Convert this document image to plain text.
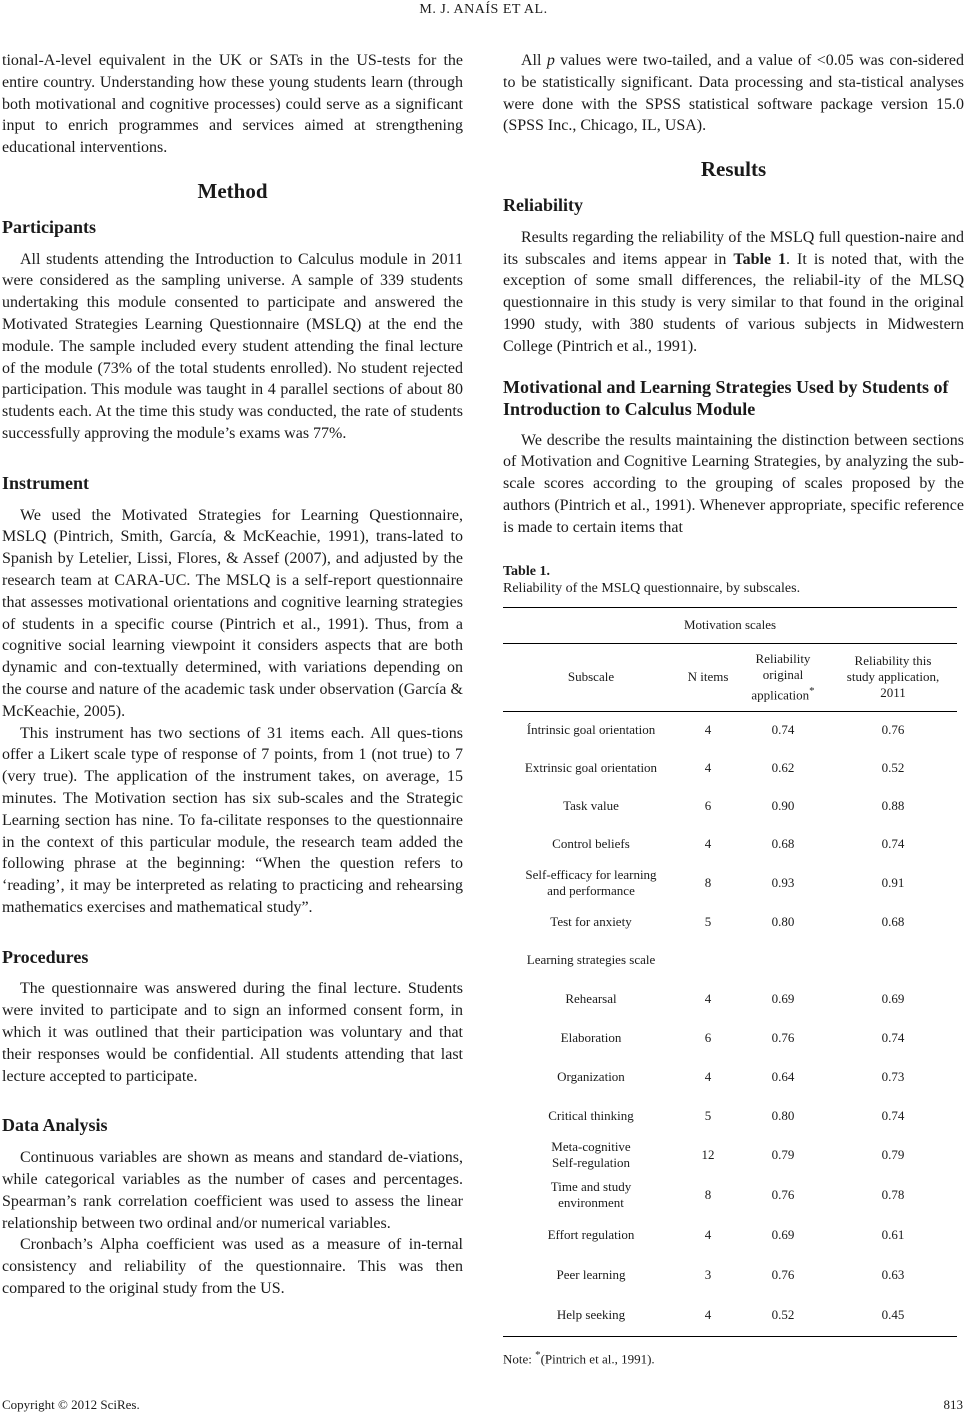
M. J. ANAÍS ET AL.

tional-A-level equivalent in the UK or SATs in the US-tests for the entire country. Understanding how these young students learn (through both motivational and cognitive processes) could serve as a significant input to enrich programmes and services aimed at strengthening educational interventions.

Method
Participants

All students attending the Introduction to Calculus module in 2011 were considered as the sampling universe. A sample of 339 students undertaking this module consented to participate and answered the Motivated Strategies Learning Questionnaire (MSLQ) at the end the module. The sample included every student attending the final lecture of the module (73% of the total students enrolled). No student rejected participation. This module was taught in 4 parallel sections of about 80 students each. At the time this study was conducted, the rate of students successfully approving the module’s exams was 77%.

Instrument

We used the Motivated Strategies for Learning Questionnaire, MSLQ (Pintrich, Smith, García, & McKeachie, 1991), trans-lated to Spanish by Letelier, Lissi, Flores, & Assef (2007), and adjusted by the research team at CARA-UC. The MSLQ is a self-report questionnaire that assesses motivational orientations and cognitive learning strategies of students in a specific course (Pintrich et al., 1991). Thus, from a cognitive social learning viewpoint it considers aspects that are both dynamic and con-textually determined, with variations depending on the course and nature of the academic task under observation (García & McKeachie, 2005).

This instrument has two sections of 31 items each. All ques-tions offer a Likert scale type of response of 7 points, from 1 (not true) to 7 (very true). The application of the instrument takes, on average, 15 minutes. The Motivation section has six sub-scales and the Strategic Learning section has nine. To fa-cilitate responses to the questionnaire in the context of this particular module, the research team added the following phrase at the beginning: “When the question refers to ‘reading’, it may be interpreted as relating to practicing and rehearsing mathematics exercises and mathematical study”.

Procedures

The questionnaire was answered during the final lecture. Students were invited to participate and to sign an informed consent form, in which it was outlined that their participation was voluntary and that their responses would be confidential. All students attending that last lecture accepted to participate.

Data Analysis

Continuous variables are shown as means and standard de-viations, while categorical variables as the number of cases and percentages. Spearman’s rank correlation coefficient was used to assess the linear relationship between two ordinal and/or numerical variables.

Cronbach’s Alpha coefficient was used as a measure of in-ternal consistency and reliability of the questionnaire. This was then compared to the original study from the US.

All p values were two-tailed, and a value of <0.05 was con-sidered to be statistically significant. Data processing and sta-tistical analyses were done with the SPSS statistical software package version 15.0 (SPSS Inc., Chicago, IL, USA).

Results
Reliability

Results regarding the reliability of the MSLQ full question-naire and its subscales and items appear in Table 1. It is noted that, with the exception of some small differences, the reliabil-ity of the MLSQ questionnaire in this study is very similar to that found in the original 1990 study, with 380 students of various subjects in Midwestern College (Pintrich et al., 1991).

Motivational and Learning Strategies Used by Students of Introduction to Calculus Module

We describe the results maintaining the distinction between sections of Motivation and Cognitive Learning Strategies, by analyzing the sub-scale scores according to the grouping of scales proposed by the authors (Pintrich et al., 1991). Whenever appropriate, specific reference is made to certain items that

Table 1.
Reliability of the MSLQ questionnaire, by subscales.
Motivation scales			
Subscale	N items	Reliability
original
application*	Reliability this
study application,
2011
Íntrinsic goal orientation	4	0.74	0.76
Extrinsic goal orientation	4	0.62	0.52
Task value	6	0.90	0.88
Control beliefs	4	0.68	0.74
Self-efficacy for learning
and performance	8	0.93	0.91
Test for anxiety	5	0.80	0.68
Learning strategies scale			
Rehearsal	4	0.69	0.69
Elaboration	6	0.76	0.74
Organization	4	0.64	0.73
Critical thinking	5	0.80	0.74
Meta-cognitive
Self-regulation	12	0.79	0.79
Time and study
environment	8	0.76	0.78
Effort regulation	4	0.69	0.61
Peer learning	3	0.76	0.63
Help seeking	4	0.52	0.45
Note: *(Pintrich et al., 1991).
Copyright © 2012 SciRes.	813
